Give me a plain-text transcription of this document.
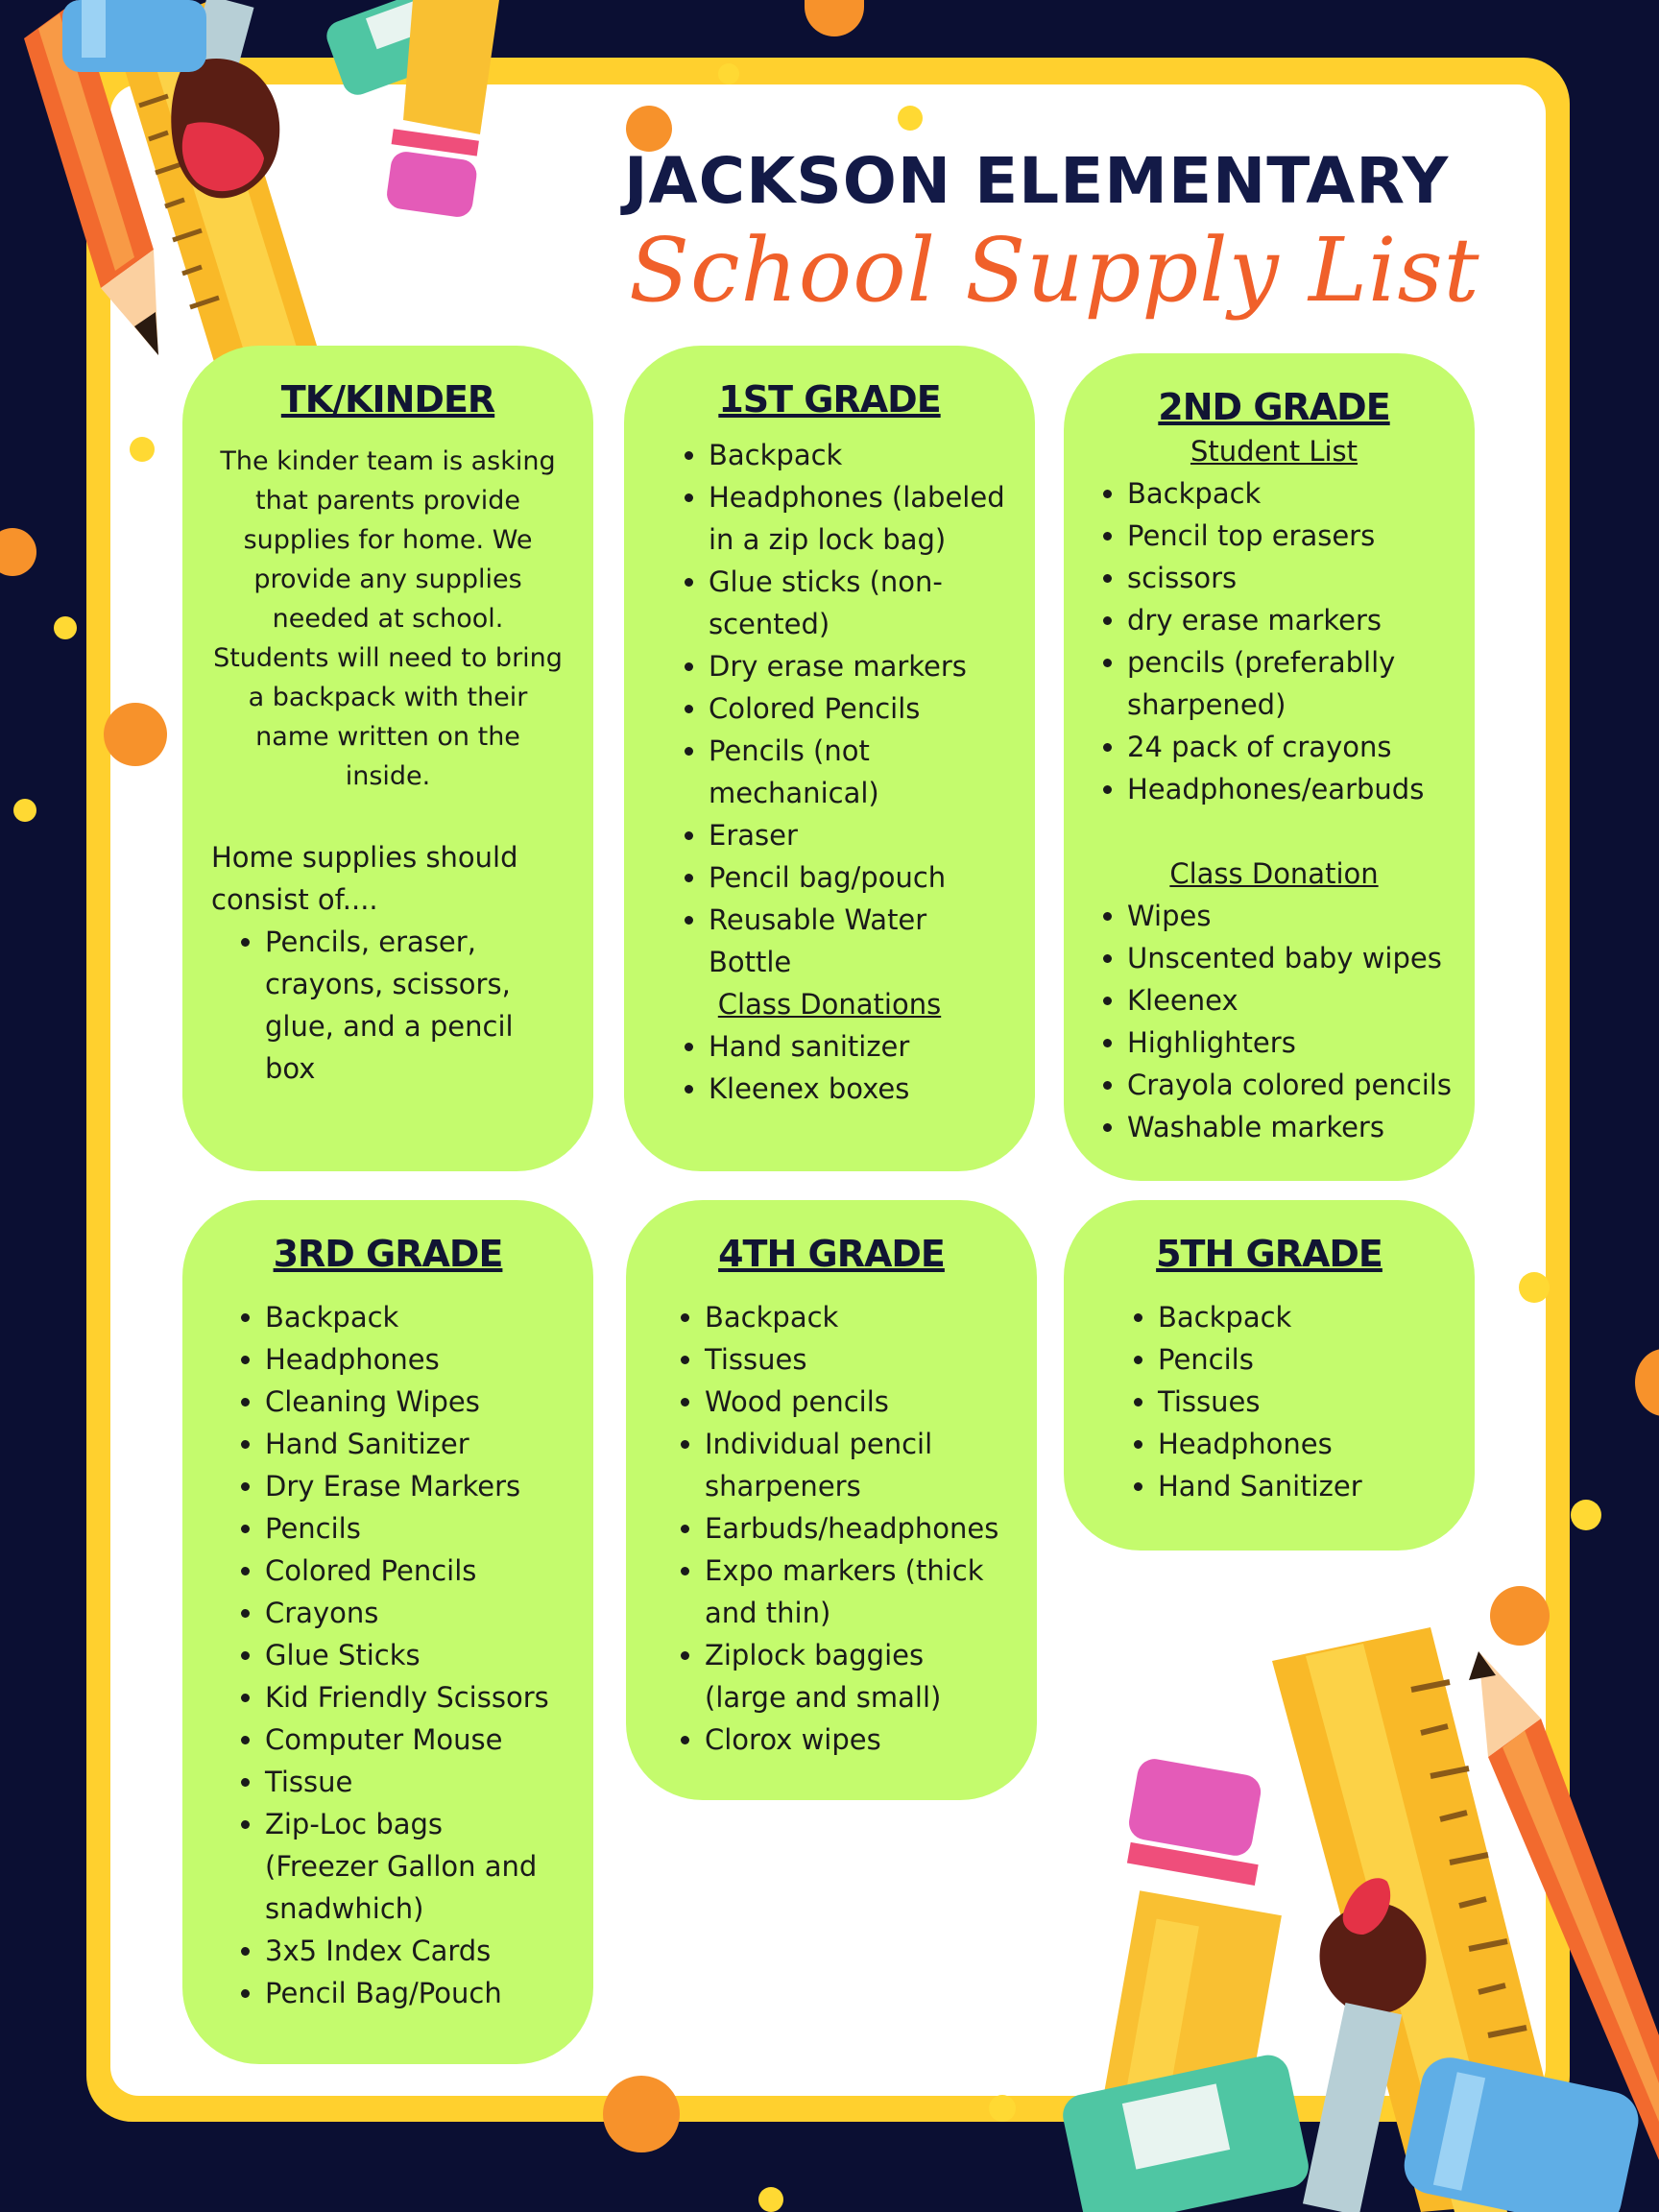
JACKSON ELEMENTARY
School Supply List
TK/KINDER

The kinder team is asking that parents provide supplies for home. We provide any supplies needed at school. Students will need to bring a backpack with their name written on the inside.

Home supplies should consist of....

• Pencils, eraser, crayons, scissors, glue, and a pencil box
1ST GRADE
• Backpack
• Headphones (labeled in a zip lock bag)
• Glue sticks (non-scented)
• Dry erase markers
• Colored Pencils
• Pencils (not mechanical)
• Eraser
• Pencil bag/pouch
• Reusable Water Bottle
Class Donations
• Hand sanitizer
• Kleenex boxes
2ND GRADE
Student List
• Backpack
• Pencil top erasers
• scissors
• dry erase markers
• pencils (preferablly sharpened)
• 24 pack of crayons
• Headphones/earbuds
Class Donation
• Wipes
• Unscented baby wipes
• Kleenex
• Highlighters
• Crayola colored pencils
• Washable markers
3RD GRADE
• Backpack
• Headphones
• Cleaning Wipes
• Hand Sanitizer
• Dry Erase Markers
• Pencils
• Colored Pencils
• Crayons
• Glue Sticks
• Kid Friendly Scissors
• Computer Mouse
• Tissue
• Zip-Loc bags (Freezer Gallon and snadwhich)
• 3x5 Index Cards
• Pencil Bag/Pouch
4TH GRADE
• Backpack
• Tissues
• Wood pencils
• Individual pencil sharpeners
• Earbuds/headphones
• Expo markers (thick and thin)
• Ziplock baggies (large and small)
• Clorox wipes
5TH GRADE
• Backpack
• Pencils
• Tissues
• Headphones
• Hand Sanitizer
